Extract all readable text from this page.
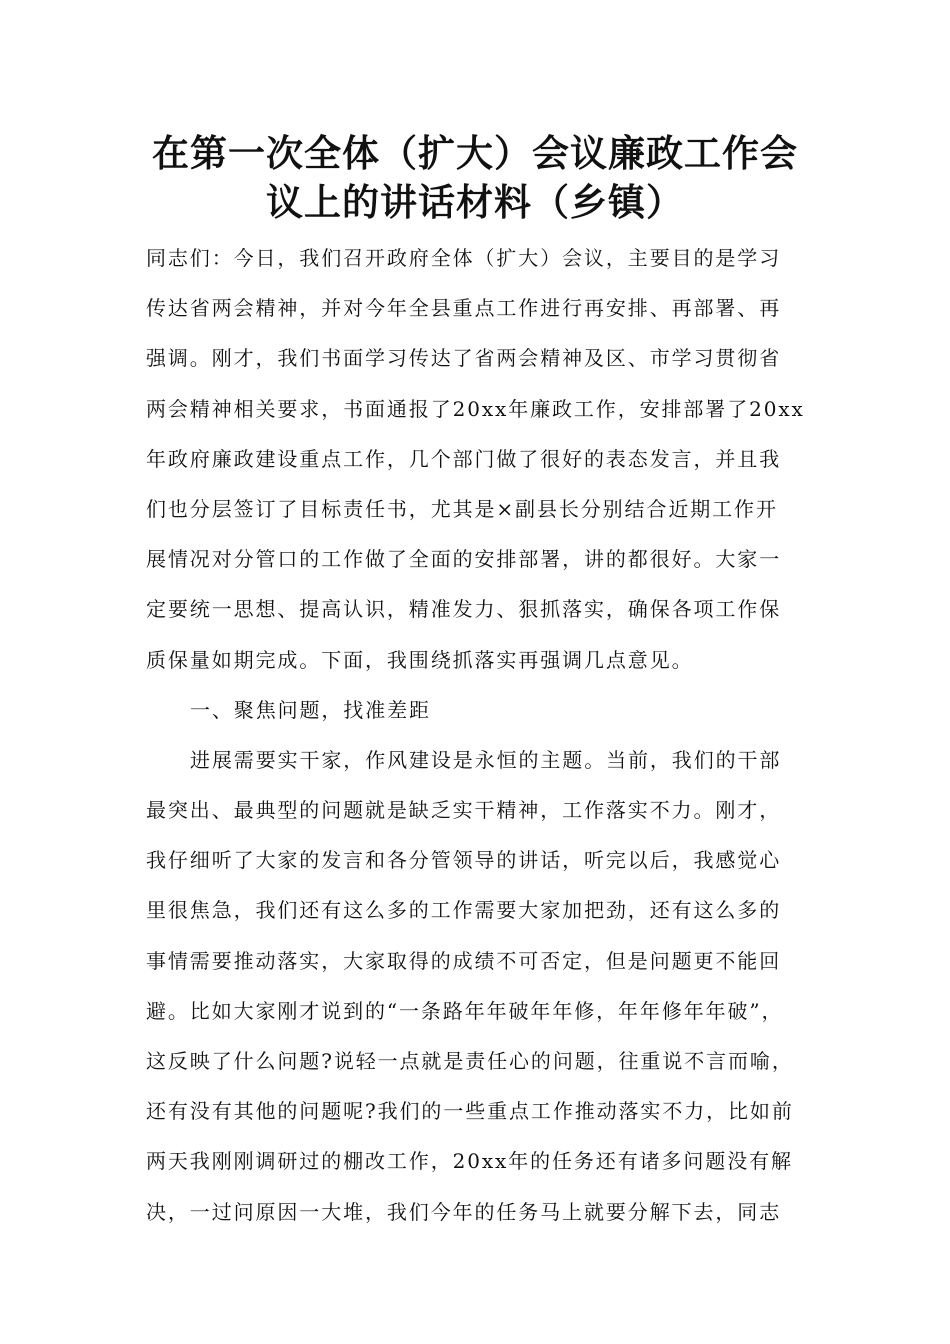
在第一次全体（扩大）会议廉政工作会
议上的讲话材料（乡镇）
同志们：今日，我们召开政府全体（扩大）会议，主要目的是学习
传达省两会精神，并对今年全县重点工作进行再安排、再部署、再
强调。刚才，我们书面学习传达了省两会精神及区、市学习贯彻省
两会精神相关要求，书面通报了20xx年廉政工作，安排部署了20xx
年政府廉政建设重点工作，几个部门做了很好的表态发言，并且我
们也分层签订了目标责任书，尤其是×副县长分别结合近期工作开
展情况对分管口的工作做了全面的安排部署，讲的都很好。大家一
定要统一思想、提高认识，精准发力、狠抓落实，确保各项工作保
质保量如期完成。下面，我围绕抓落实再强调几点意见。
一、聚焦问题，找准差距
进展需要实干家，作风建设是永恒的主题。当前，我们的干部
最突出、最典型的问题就是缺乏实干精神，工作落实不力。刚才，
我仔细听了大家的发言和各分管领导的讲话，听完以后，我感觉心
里很焦急，我们还有这么多的工作需要大家加把劲，还有这么多的
事情需要推动落实，大家取得的成绩不可否定，但是问题更不能回
避。比如大家刚才说到的“一条路年年破年年修，年年修年年破”，
这反映了什么问题?说轻一点就是责任心的问题，往重说不言而喻，
还有没有其他的问题呢?我们的一些重点工作推动落实不力，比如前
两天我刚刚调研过的棚改工作，20xx年的任务还有诸多问题没有解
决，一过问原因一大堆，我们今年的任务马上就要分解下去，同志
